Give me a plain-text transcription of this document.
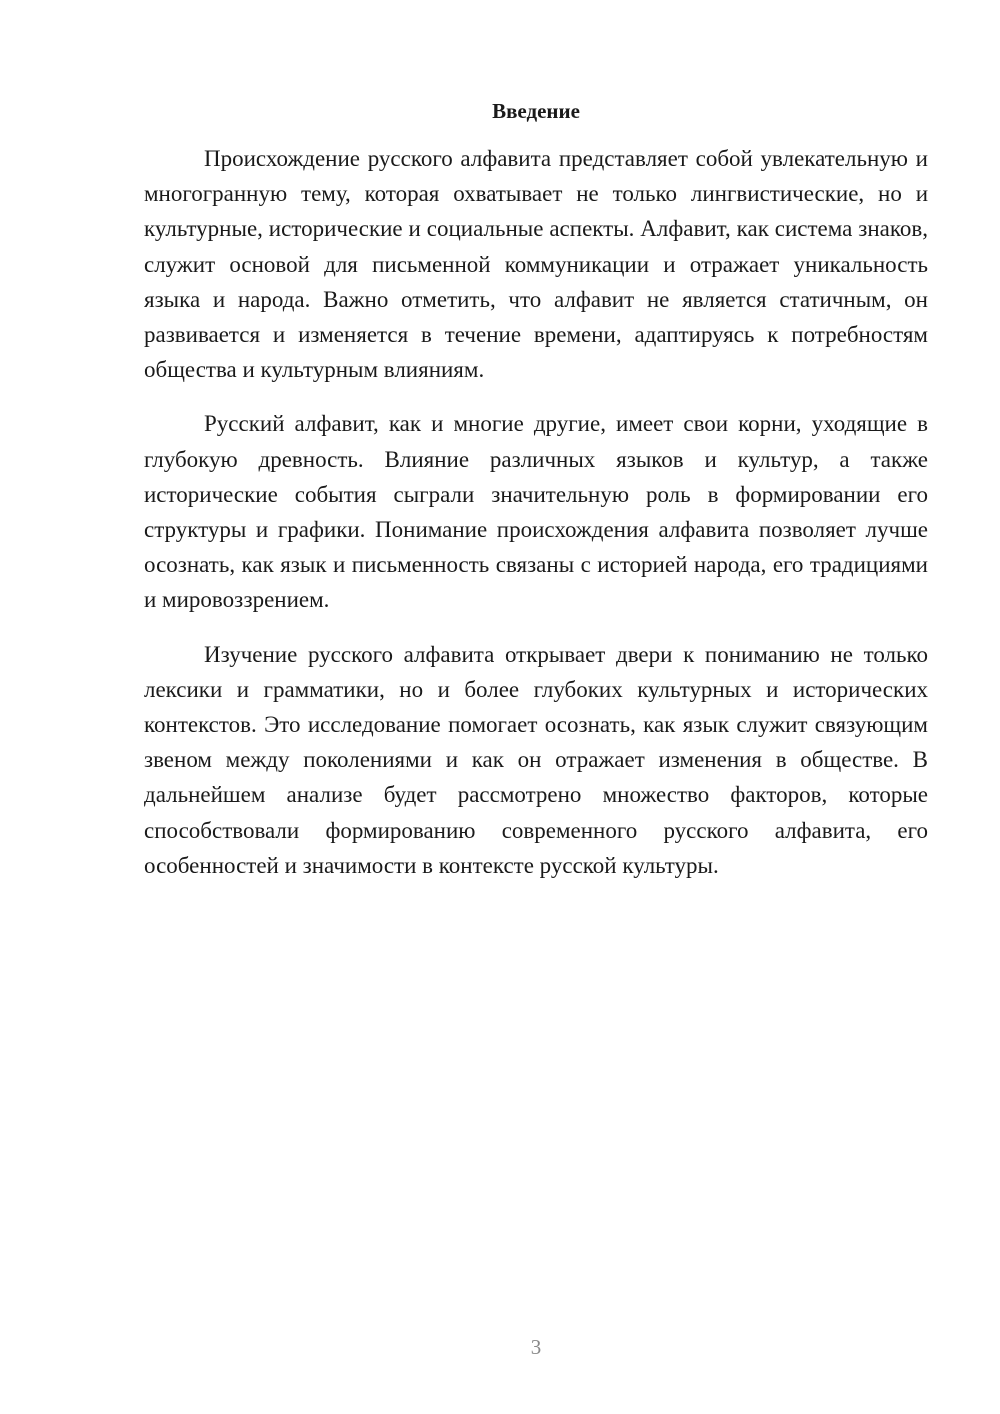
Введение

Происхождение русского алфавита представляет собой увлекательную и многогранную тему, которая охватывает не только лингвистические, но и культурные, исторические и социальные аспекты. Алфавит, как система знаков, служит основой для письменной коммуникации и отражает уникальность языка и народа. Важно отметить, что алфавит не является статичным, он развивается и изменяется в течение времени, адаптируясь к потребностям общества и культурным влияниям.

Русский алфавит, как и многие другие, имеет свои корни, уходящие в глубокую древность. Влияние различных языков и культур, а также исторические события сыграли значительную роль в формировании его структуры и графики. Понимание происхождения алфавита позволяет лучше осознать, как язык и письменность связаны с историей народа, его традициями и мировоззрением.

Изучение русского алфавита открывает двери к пониманию не только лексики и грамматики, но и более глубоких культурных и исторических контекстов. Это исследование помогает осознать, как язык служит связующим звеном между поколениями и как он отражает изменения в обществе. В дальнейшем анализе будет рассмотрено множество факторов, которые способствовали формированию современного русского алфавита, его особенностей и значимости в контексте русской культуры.

3
